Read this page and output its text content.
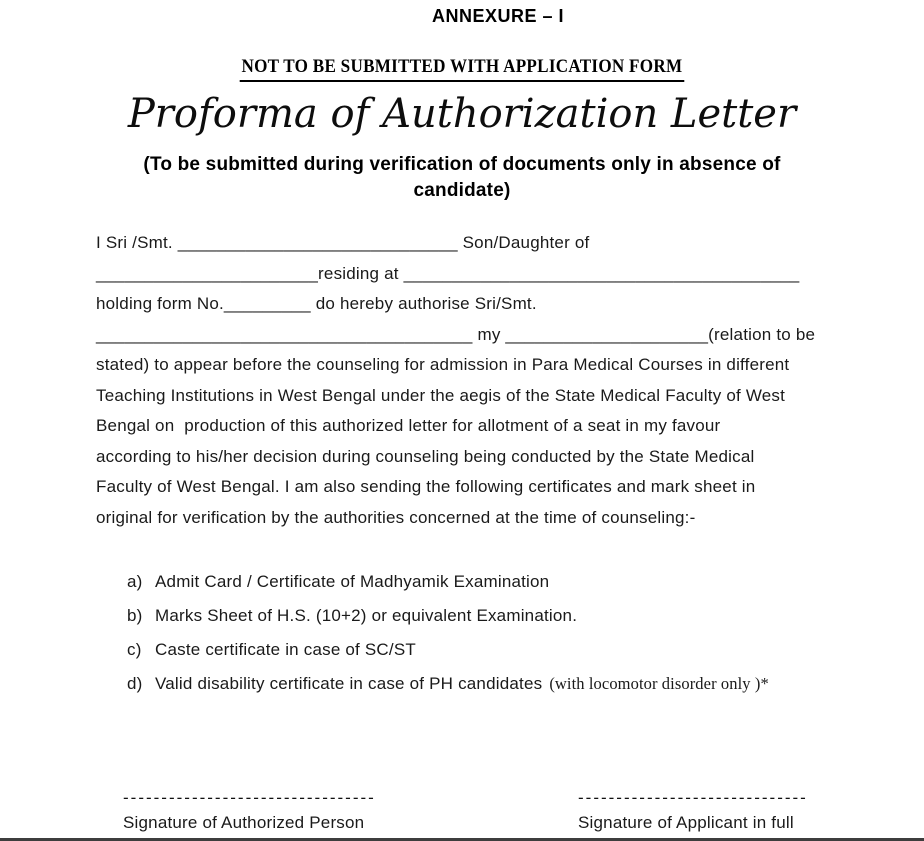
ANNEXURE – I
NOT TO BE SUBMITTED WITH APPLICATION FORM
Proforma of Authorization Letter
(To be submitted during verification of documents only in absence of
candidate)
I Sri /Smt. _____________________________ Son/Daughter of
_______________________residing at _________________________________________
holding form No._________ do hereby authorise Sri/Smt.
_______________________________________ my _____________________(relation to be
stated) to appear before the counseling for admission in Para Medical Courses in different
Teaching Institutions in West Bengal under the aegis of the State Medical Faculty of West
Bengal on  production of this authorized letter for allotment of a seat in my favour
according to his/her decision during counseling being conducted by the State Medical
Faculty of West Bengal. I am also sending the following certificates and mark sheet in
original for verification by the authorities concerned at the time of counseling:-
a) Admit Card / Certificate of Madhyamik Examination
b) Marks Sheet of H.S. (10+2) or equivalent Examination.
c) Caste certificate in case of SC/ST
d) Valid disability certificate in case of PH candidates (with locomotor disorder only )*
---------------------------------
Signature of Authorized Person
------------------------------
Signature of Applicant in full
